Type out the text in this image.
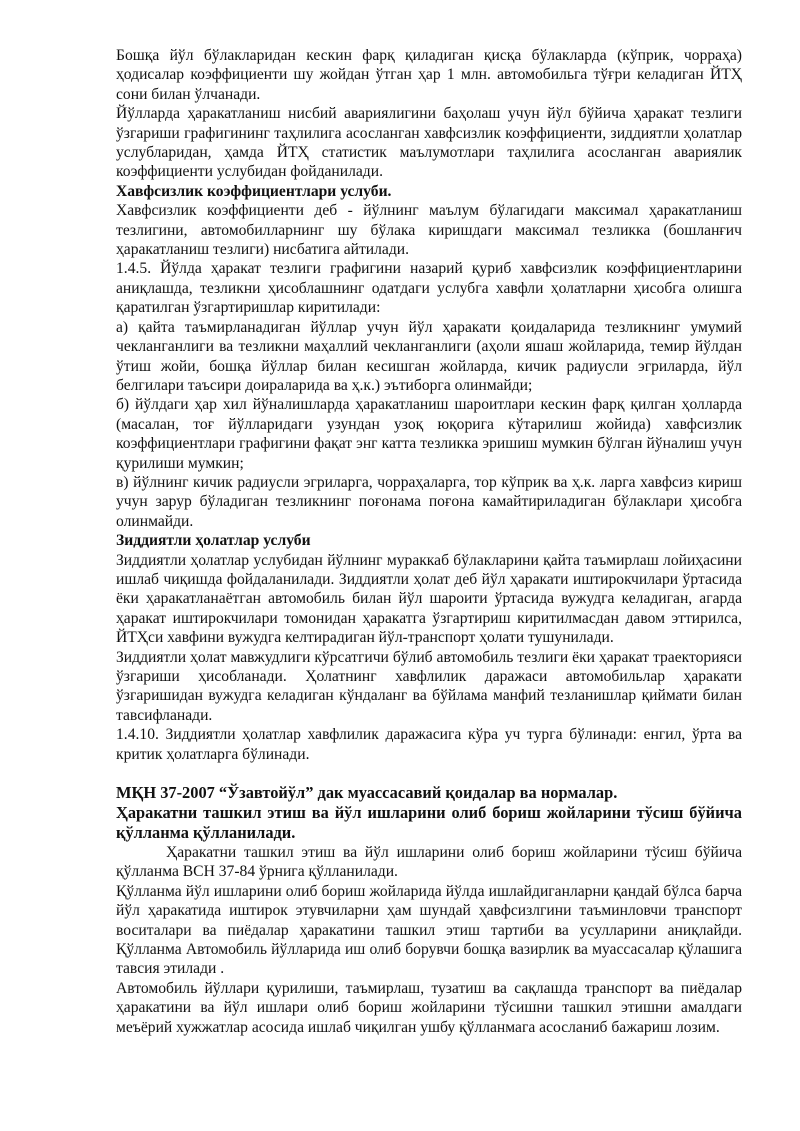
Бошқа йўл бўлакларидан кескин фарқ қиладиган қисқа бўлакларда (кўприк, чорраҳа) ҳодисалар коэффициенти шу жойдан ўтган ҳар 1 млн. автомобильга тўғри келадиган ЙТҲ сони билан ўлчанади.

Йўлларда ҳаракатланиш нисбий авариялигини баҳолаш учун йўл бўйича ҳаракат тезлиги ўзгариши графигининг таҳлилига асосланган хавфсизлик коэффициенти, зиддиятли ҳолатлар услубларидан, ҳамда ЙТҲ статистик маълумотлари таҳлилига асосланган авариялик коэффициенти услубидан фойданилади.

Хавфсизлик коэффициентлари услуби.

Хавфсизлик коэффициенти деб - йўлнинг маълум бўлагидаги максимал ҳаракатланиш тезлигини, автомобилларнинг шу бўлака киришдаги максимал тезликка (бошланғич ҳаракатланиш тезлиги) нисбатига айтилади.

1.4.5. Йўлда ҳаракат тезлиги графигини назарий қуриб хавфсизлик коэффициентларини аниқлашда, тезликни ҳисоблашнинг одатдаги услубга хавфли ҳолатларни ҳисобга олишга қаратилган ўзгартиришлар киритилади:

а) қайта таъмирланадиган йўллар учун йўл ҳаракати қоидаларида тезликнинг умумий чекланганлиги ва тезликни маҳаллий чекланганлиги (аҳоли яшаш жойларида, темир йўлдан ўтиш жойи, бошқа йўллар билан кесишган жойларда, кичик радиусли эгриларда, йўл белгилари таъсири доираларида ва ҳ.к.) эътиборга олинмайди;

б) йўлдаги ҳар хил йўналишларда ҳаракатланиш шароитлари кескин фарқ қилган ҳолларда (масалан, тоғ йўлларидаги узундан узоқ юқорига кўтарилиш жойида) хавфсизлик коэффициентлари графигини фақат энг катта тезликка эришиш мумкин бўлган йўналиш учун қурилиши мумкин;

в) йўлнинг кичик радиусли эгриларга, чорраҳаларга, тор кўприк ва ҳ.к. ларга хавфсиз кириш учун зарур бўладиган тезликнинг поғонама поғона камайтириладиган бўлаклари ҳисобга олинмайди.

Зиддиятли ҳолатлар услуби

Зиддиятли ҳолатлар услубидан йўлнинг мураккаб бўлакларини қайта таъмирлаш лойиҳасини ишлаб чиқишда фойдаланилади. Зиддиятли ҳолат деб йўл ҳаракати иштирокчилари ўртасида ёки ҳаракатланаётган автомобиль билан йўл шароити ўртасида вужудга келадиган, агарда ҳаракат иштирокчилари томонидан ҳаракатга ўзгартириш киритилмасдан давом эттирилса, ЙТҲси хавфини вужудга келтирадиган йўл-транспорт ҳолати тушунилади.

Зиддиятли ҳолат мавжудлиги кўрсатгичи бўлиб автомобиль тезлиги ёки ҳаракат траекторияси ўзгариши ҳисобланади. Ҳолатнинг хавфлилик даражаси автомобильлар ҳаракати ўзгаришидан вужудга келадиган кўндаланг ва бўйлама манфий тезланишлар қиймати билан тавсифланади.

1.4.10. Зиддиятли ҳолатлар хавфлилик даражасига кўра уч турга бўлинади: енгил, ўрта ва критик ҳолатларга бўлинади.

МҚН 37-2007 “Ўзавтойўл” дак муассасавий қоидалар ва нормалар.

Ҳаракатни ташкил этиш ва йўл ишларини олиб бориш жойларини тўсиш бўйича қўлланма қўлланилади.

Ҳаракатни ташкил этиш ва йўл ишларини олиб бориш жойларини тўсиш бўйича қўлланма ВСН 37-84 ўрнига қўлланилади.

Қўлланма йўл ишларини олиб бориш жойларида йўлда ишлайдиганларни қандай бўлса барча йўл ҳаракатида иштирок этувчиларни ҳам шундай ҳавфсизлгини таъминловчи транспорт воситалари ва пиёдалар ҳаракатини ташкил этиш тартиби ва усулларини аниқлайди. Қўлланма Автомобиль йўлларида иш олиб борувчи бошқа вазирлик ва муассасалар қўлашига тавсия этилади .

Автомобиль йўллари қурилиши, таъмирлаш, тузатиш ва сақлашда транспорт ва пиёдалар ҳаракатини ва йўл ишлари олиб бориш жойларини тўсишни ташкил этишни амалдаги меъёрий хужжатлар асосида ишлаб чиқилган ушбу қўлланмага асосланиб бажариш лозим.
